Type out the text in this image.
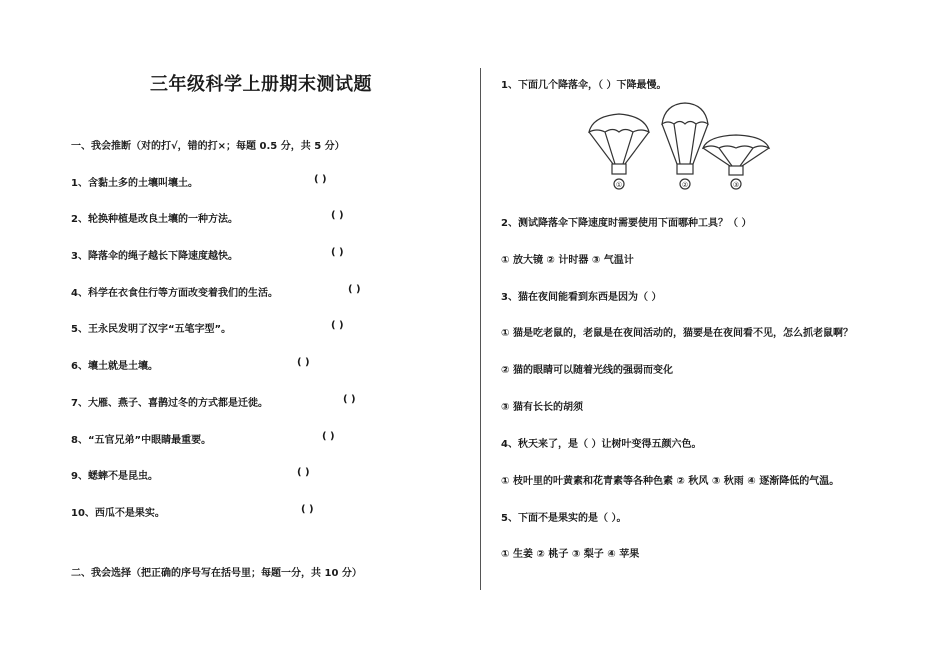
三年级科学上册期末测试题
一、我会推断（对的打√，错的打×；每题 0.5 分，共 5 分）
1、含黏土多的土壤叫壤土。	( )
2、轮换种植是改良土壤的一种方法。	( )
3、降落伞的绳子越长下降速度越快。	( )
4、科学在衣食住行等方面改变着我们的生活。	( )
5、王永民发明了汉字“五笔字型”。	( )
6、壤土就是土壤。	( )
7、大雁、燕子、喜鹊过冬的方式都是迁徙。	( )
8、“五官兄弟”中眼睛最重要。	( )
9、蟋蟀不是昆虫。	( )
10、西瓜不是果实。	( )
二、我会选择（把正确的序号写在括号里；每题一分，共 10 分）
1、下面几个降落伞，（ ）下降最慢。
①	②	③
2、测试降落伞下降速度时需要使用下面哪种工具？（ ）
① 放大镜 ② 计时器 ③ 气温计
3、猫在夜间能看到东西是因为（ ）
① 猫是吃老鼠的，老鼠是在夜间活动的，猫要是在夜间看不见，怎么抓老鼠啊？
② 猫的眼睛可以随着光线的强弱而变化
③ 猫有长长的胡须
4、秋天来了，是（ ）让树叶变得五颜六色。
① 枝叶里的叶黄素和花青素等各种色素 ② 秋风 ③ 秋雨 ④ 逐渐降低的气温。
5、下面不是果实的是（ ）。
① 生姜 ② 桃子 ③ 梨子 ④ 苹果
